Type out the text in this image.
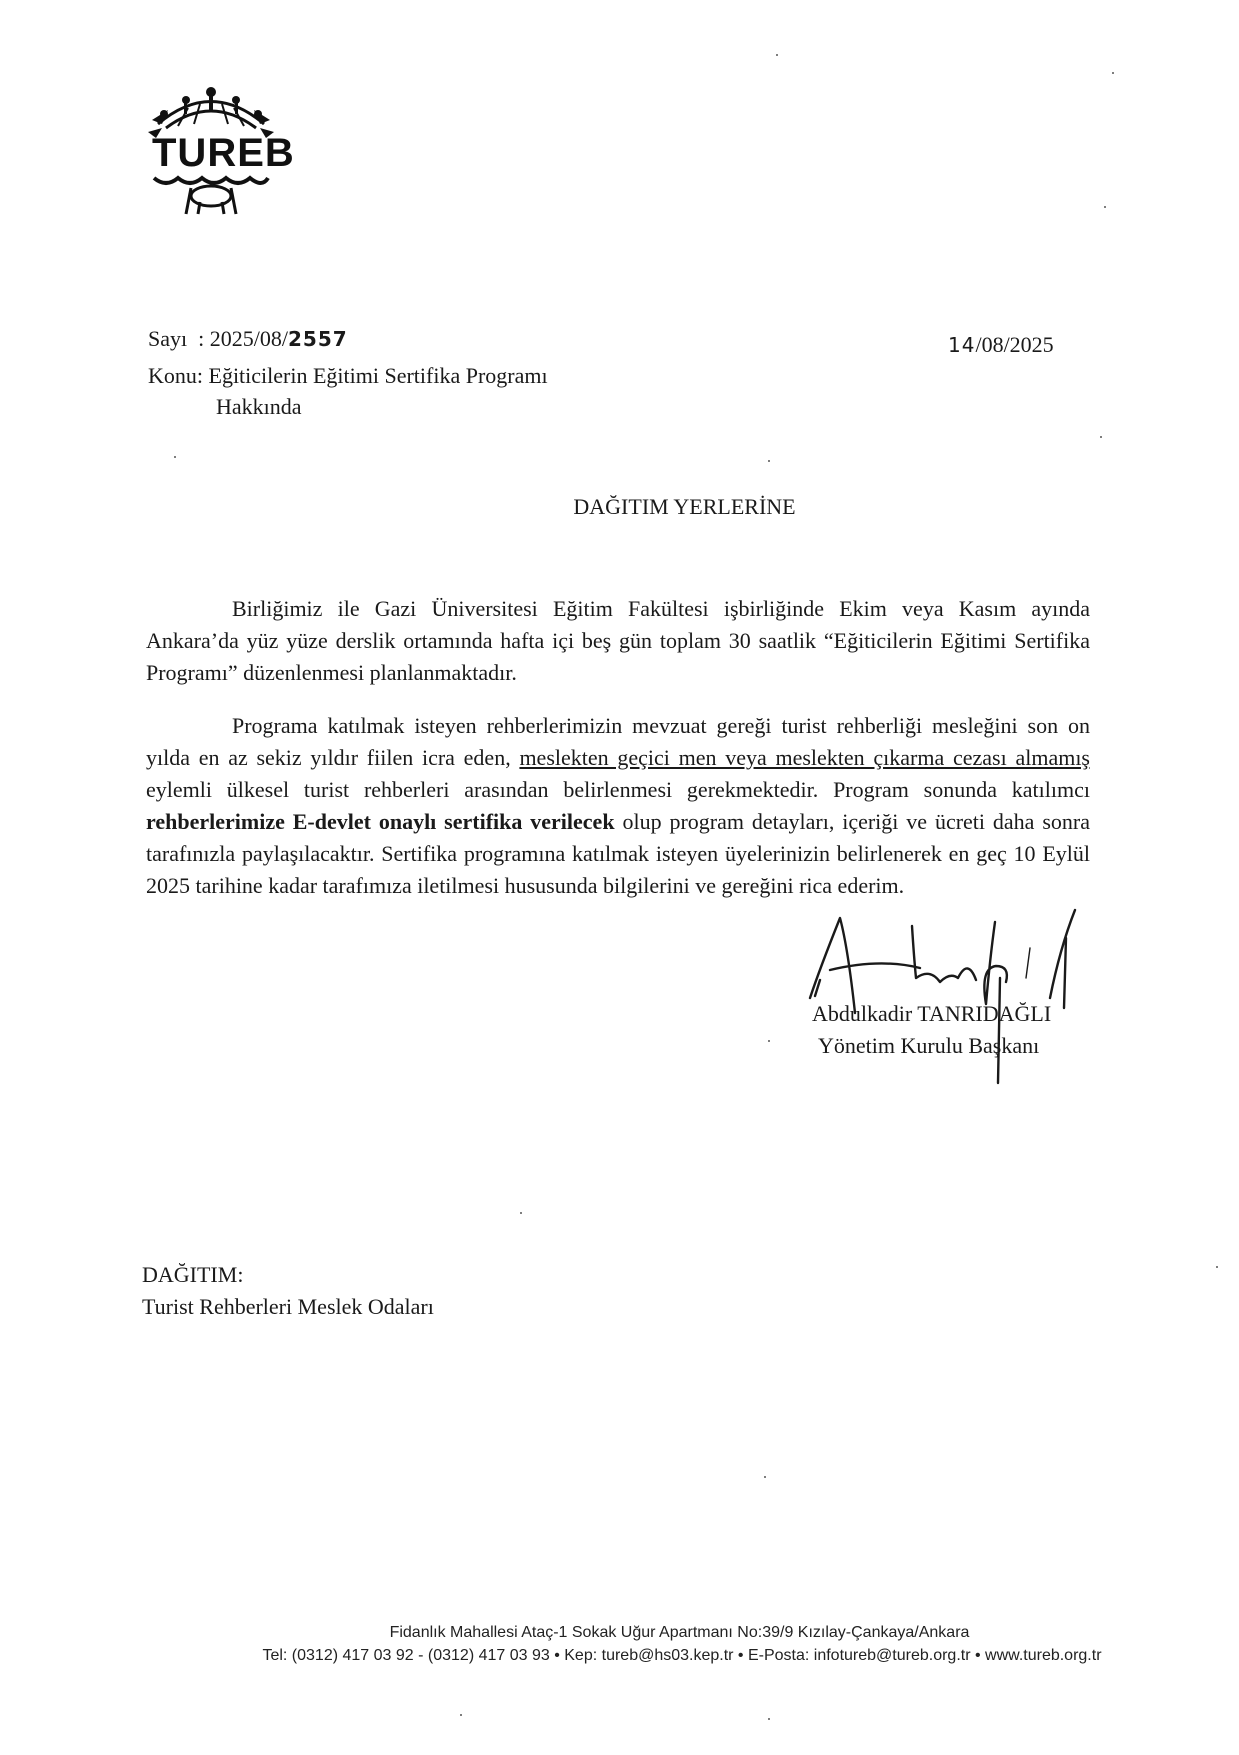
TUREB
Sayı  : 2025/08/2557	14/08/2025
Konu: Eğiticilerin Eğitimi Sertifika Programı
Hakkında
DAĞITIM YERLERİNE
Birliğimiz ile Gazi Üniversitesi Eğitim Fakültesi işbirliğinde Ekim veya Kasım ayında Ankara’da yüz yüze derslik ortamında hafta içi beş gün toplam 30 saatlik “Eğiticilerin Eğitimi Sertifika Programı” düzenlenmesi planlanmaktadır.
Programa katılmak isteyen rehberlerimizin mevzuat gereği turist rehberliği mesleğini son on yılda en az sekiz yıldır fiilen icra eden, meslekten geçici men veya meslekten çıkarma cezası almamış eylemli ülkesel turist rehberleri arasından belirlenmesi gerekmektedir. Program sonunda katılımcı rehberlerimize E-devlet onaylı sertifika verilecek olup program detayları, içeriği ve ücreti daha sonra tarafınızla paylaşılacaktır. Sertifika programına katılmak isteyen üyelerinizin belirlenerek en geç 10 Eylül 2025 tarihine kadar tarafımıza iletilmesi hususunda bilgilerini ve gereğini rica ederim.
Abdulkadir TANRIDAĞLI
Yönetim Kurulu Başkanı
DAĞITIM:
Turist Rehberleri Meslek Odaları
Fidanlık Mahallesi Ataç-1 Sokak Uğur Apartmanı No:39/9 Kızılay-Çankaya/Ankara
Tel: (0312) 417 03 92 - (0312) 417 03 93 • Kep: tureb@hs03.kep.tr • E-Posta: infotureb@tureb.org.tr • www.tureb.org.tr
